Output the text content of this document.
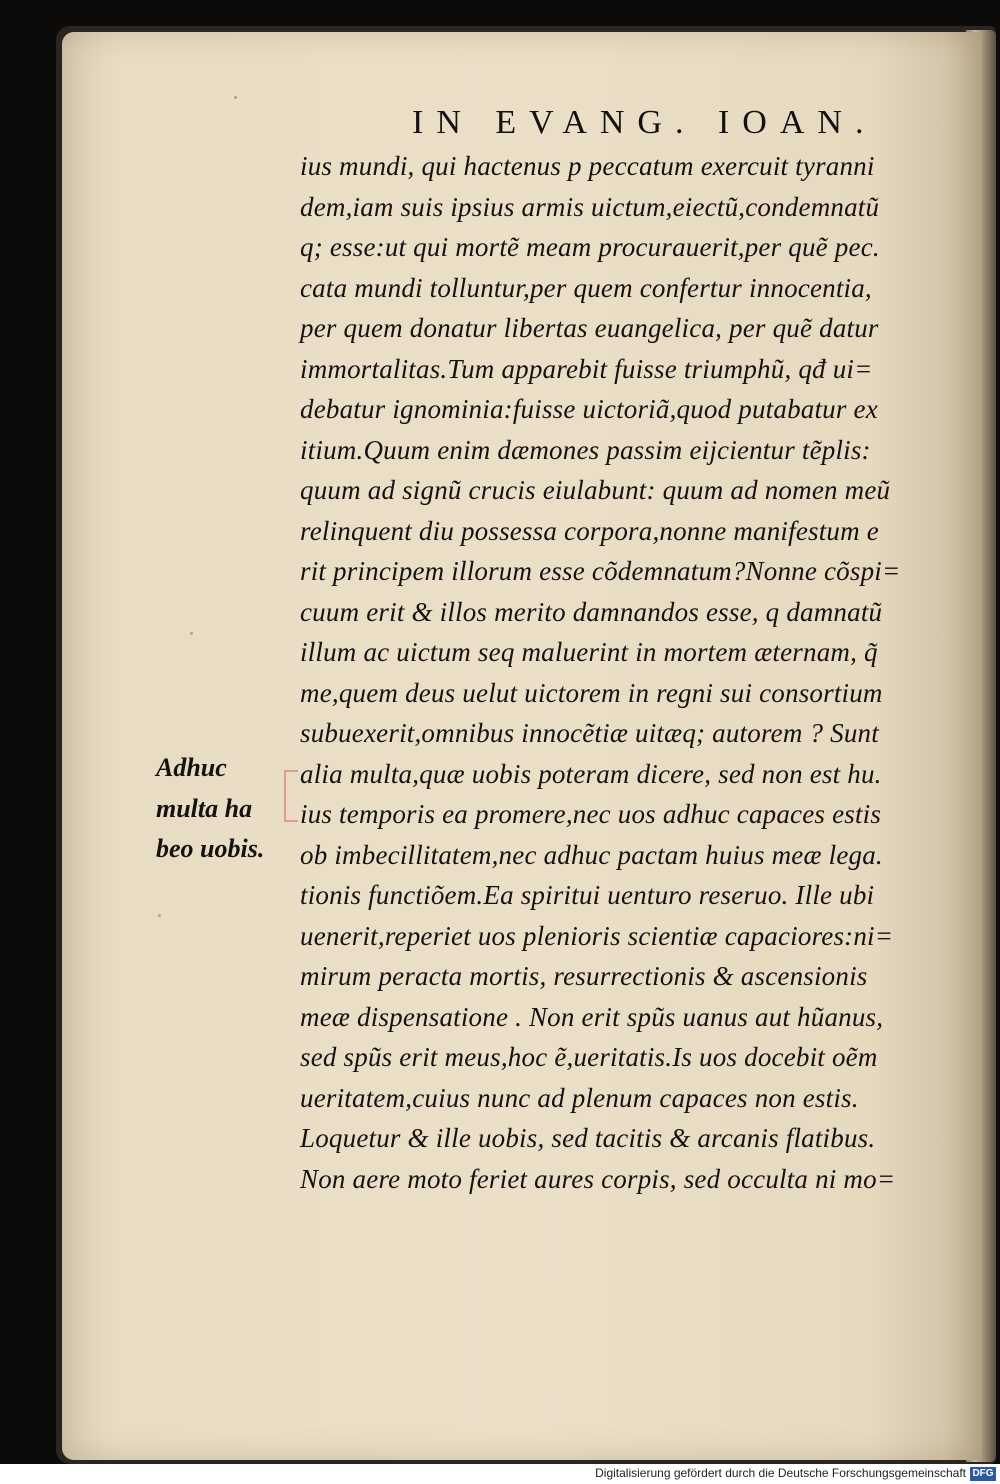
IN EVANG. IOAN.
ius mundi, qui hactenus p peccatum exercuit tyranni
dem,iam suis ipsius armis uictum,eiectũ,condemnatũ
q; esse:ut qui mortẽ meam procurauerit,per quẽ pec.
cata mundi tolluntur,per quem confertur innocentia,
per quem donatur libertas euangelica, per quẽ datur
immortalitas.Tum apparebit fuisse triumphũ, qđ ui=
debatur ignominia:fuisse uictoriã,quod putabatur ex
itium.Quum enim dæmones passim eijcientur tẽplis:
quum ad signũ crucis eiulabunt: quum ad nomen meũ
relinquent diu possessa corpora,nonne manifestum e
rit principem illorum esse cõdemnatum?Nonne cõspi=
cuum erit & illos merito damnandos esse, q damnatũ
illum ac uictum seq maluerint in mortem æternam, q̃
me,quem deus uelut uictorem in regni sui consortium
subuexerit,omnibus innocẽtiæ uitæq; autorem ? Sunt
alia multa,quæ uobis poteram dicere, sed non est hu.
ius temporis ea promere,nec uos adhuc capaces estis
ob imbecillitatem,nec adhuc pactam huius meæ lega.
tionis functiõem.Ea spiritui uenturo reseruo. Ille ubi
uenerit,reperiet uos plenioris scientiæ capaciores:ni=
mirum peracta mortis, resurrectionis & ascensionis
meæ dispensatione . Non erit spũs uanus aut hũanus,
sed spũs erit meus,hoc ẽ,ueritatis.Is uos docebit oẽm
ueritatem,cuius nunc ad plenum capaces non estis.
Loquetur & ille uobis, sed tacitis & arcanis flatibus.
Non aere moto feriet aures corpis, sed occulta ni mo=
Adhuc
multa ha
beo uobis.
Digitalisierung gefördert durch die Deutsche Forschungsgemeinschaft DFG
